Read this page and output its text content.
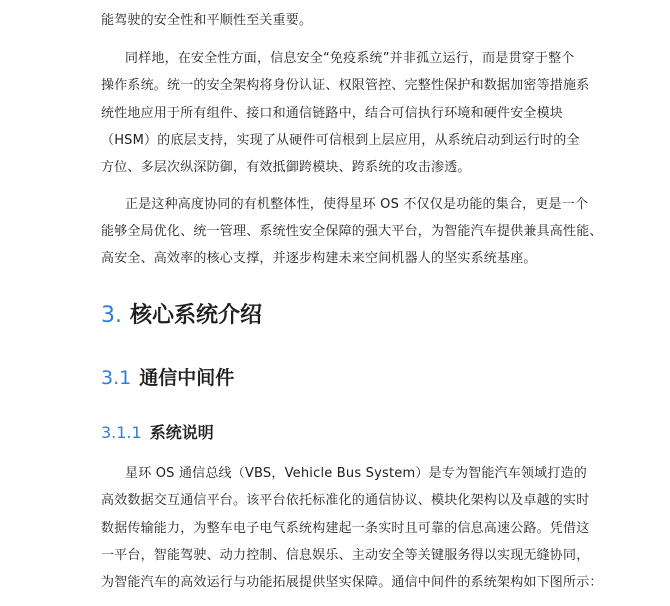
能驾驶的安全性和平顺性至关重要。
同样地，在安全性方面，信息安全“免疫系统”并非孤立运行，而是贯穿于整个
操作系统。统一的安全架构将身份认证、权限管控、完整性保护和数据加密等措施系
统性地应用于所有组件、接口和通信链路中，结合可信执行环境和硬件安全模块
（HSM）的底层支持，实现了从硬件可信根到上层应用，从系统启动到运行时的全
方位、多层次纵深防御，有效抵御跨模块、跨系统的攻击渗透。
正是这种高度协同的有机整体性，使得星环 OS 不仅仅是功能的集合，更是一个
能够全局优化、统一管理、系统性安全保障的强大平台，为智能汽车提供兼具高性能、
高安全、高效率的核心支撑，并逐步构建未来空间机器人的坚实系统基座。
3. 核心系统介绍
3.1 通信中间件
3.1.1 系统说明
星环 OS 通信总线（VBS，Vehicle Bus System）是专为智能汽车领域打造的
高效数据交互通信平台。该平台依托标准化的通信协议、模块化架构以及卓越的实时
数据传输能力，为整车电子电气系统构建起一条实时且可靠的信息高速公路。凭借这
一平台，智能驾驶、动力控制、信息娱乐、主动安全等关键服务得以实现无缝协同，
为智能汽车的高效运行与功能拓展提供坚实保障。通信中间件的系统架构如下图所示：
